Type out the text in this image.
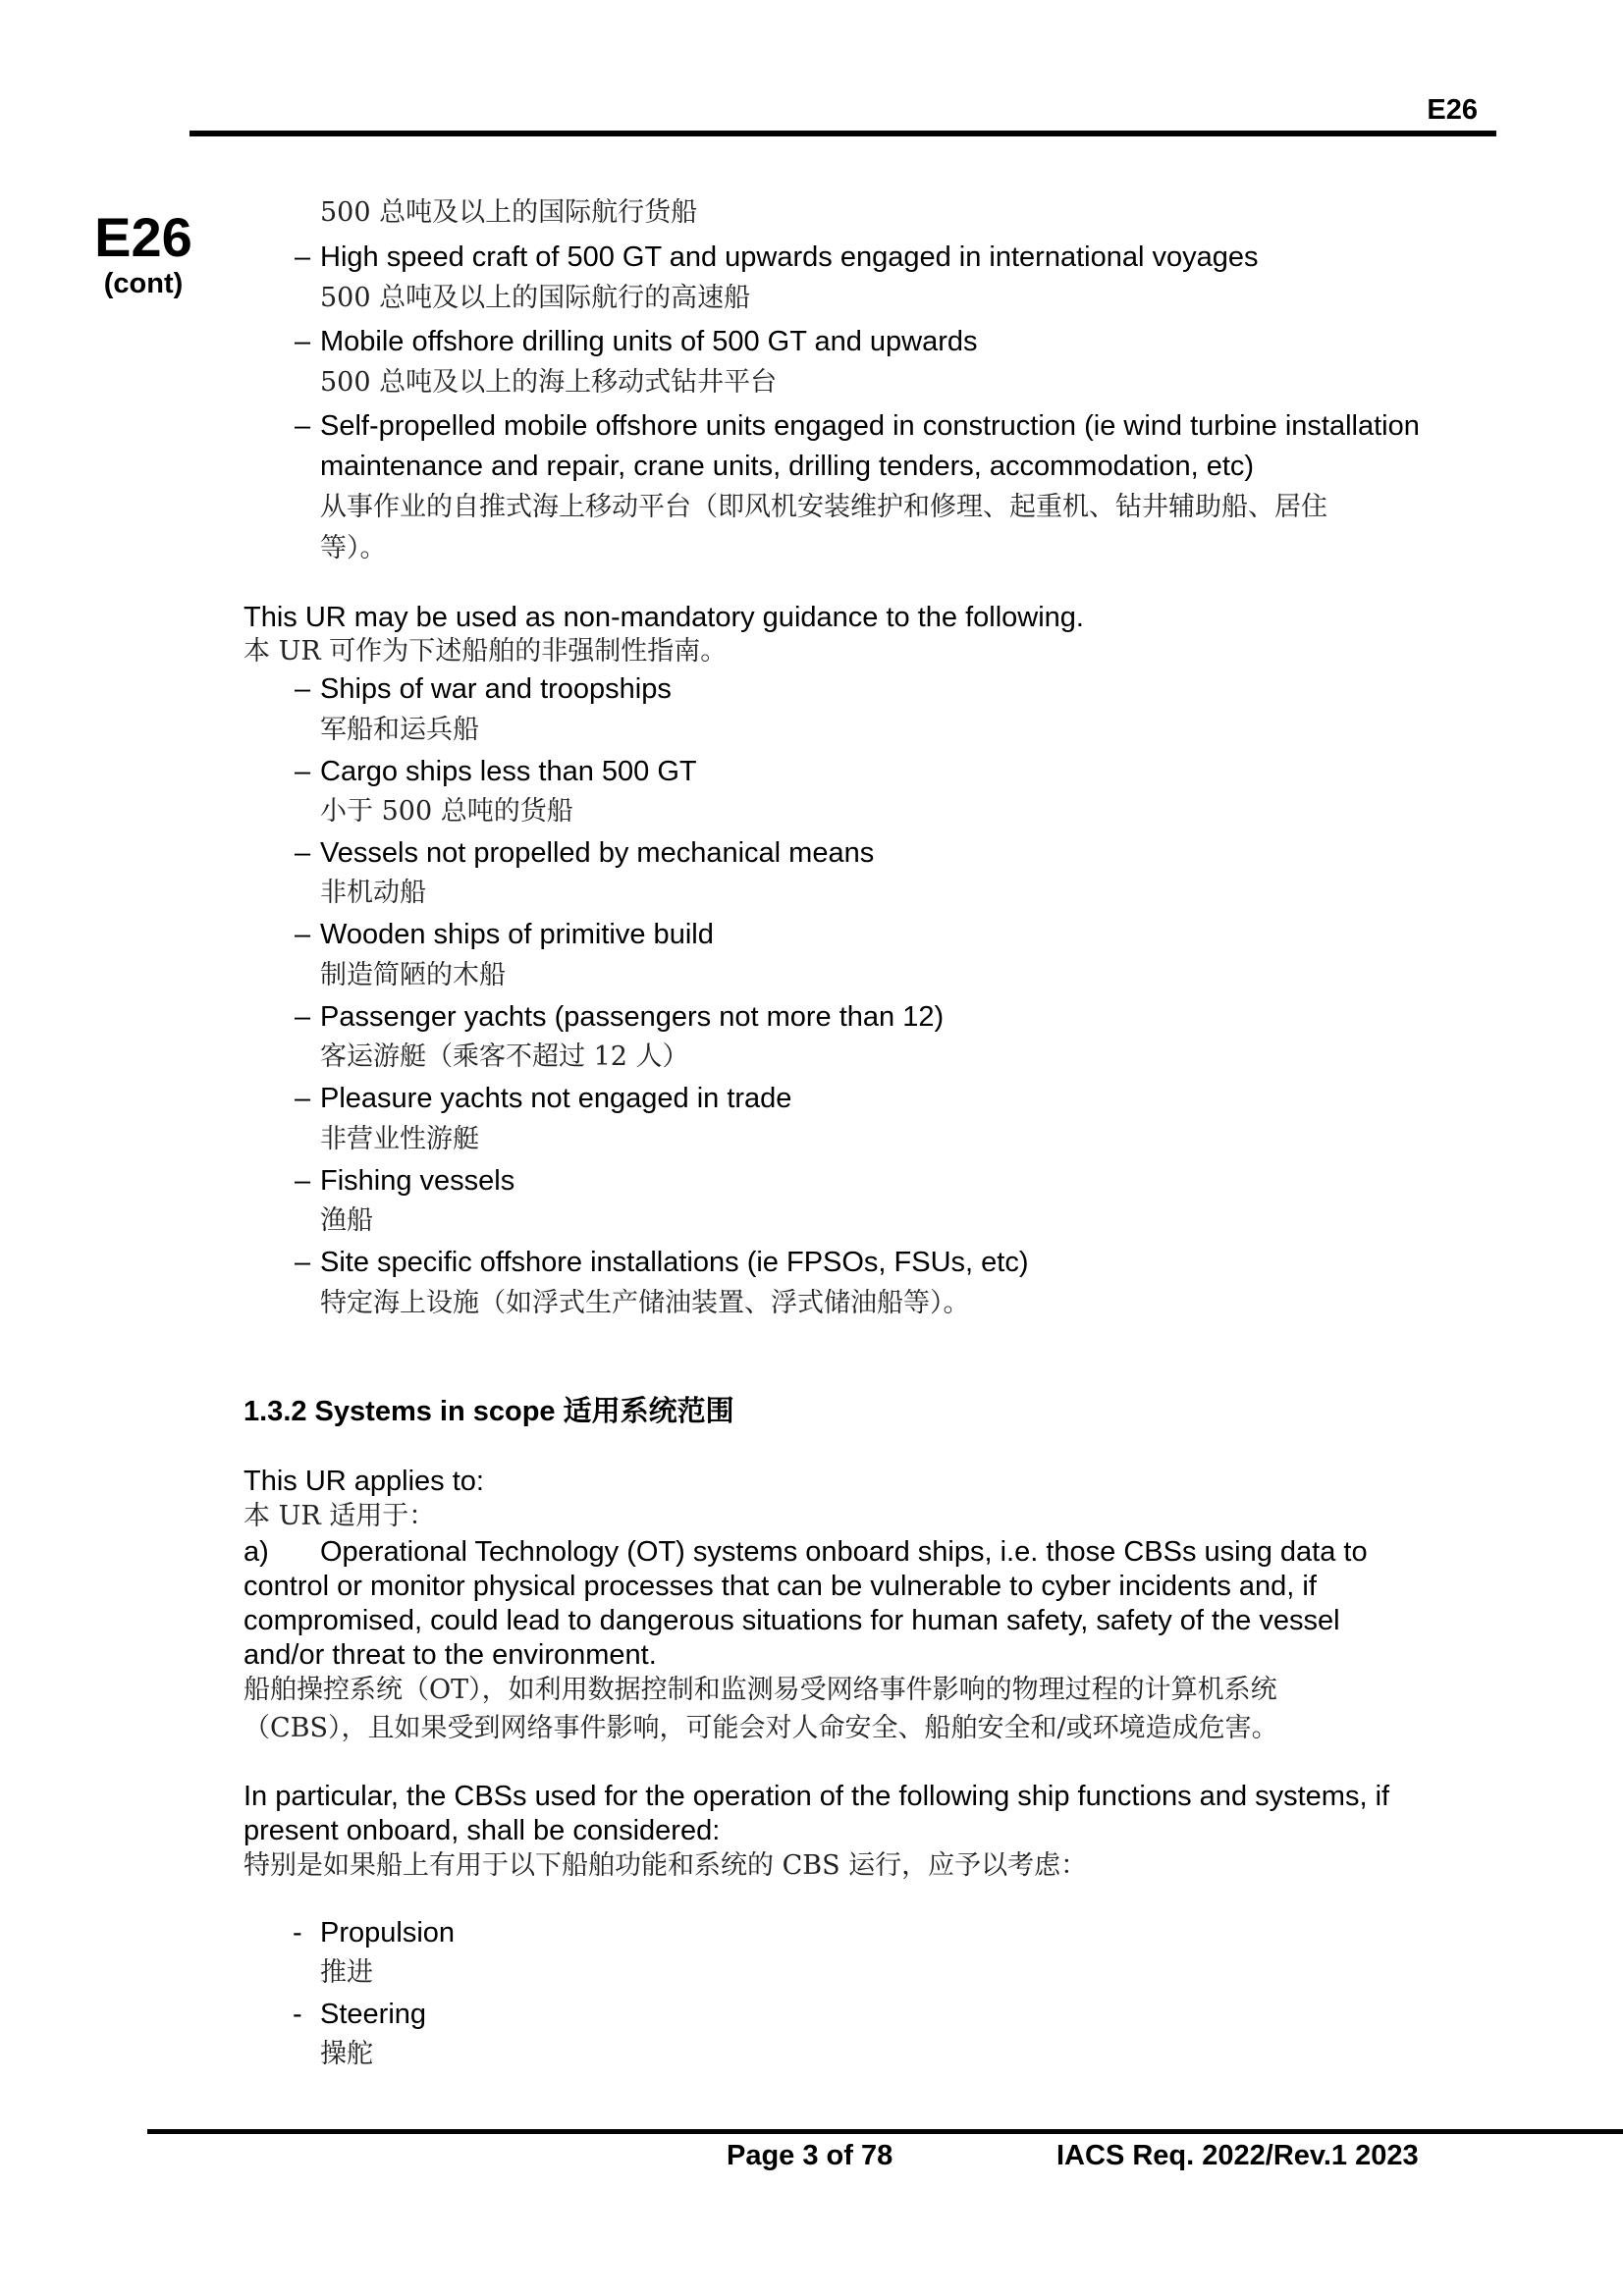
E26
E26
(cont)
500 总吨及以上的国际航行货船
– High speed craft of 500 GT and upwards engaged in international voyages
500 总吨及以上的国际航行的高速船
– Mobile offshore drilling units of 500 GT and upwards
500 总吨及以上的海上移动式钻井平台
– Self-propelled mobile offshore units engaged in construction (ie wind turbine installation
maintenance and repair, crane units, drilling tenders, accommodation, etc)
从事作业的自推式海上移动平台（即风机安装维护和修理、起重机、钻井辅助船、居住
等）。
This UR may be used as non-mandatory guidance to the following.
本 UR 可作为下述船舶的非强制性指南。
– Ships of war and troopships
军船和运兵船
– Cargo ships less than 500 GT
小于 500 总吨的货船
– Vessels not propelled by mechanical means
非机动船
– Wooden ships of primitive build
制造简陋的木船
– Passenger yachts (passengers not more than 12)
客运游艇（乘客不超过 12 人）
– Pleasure yachts not engaged in trade
非营业性游艇
– Fishing vessels
渔船
– Site specific offshore installations (ie FPSOs, FSUs, etc)
特定海上设施（如浮式生产储油装置、浮式储油船等）。
1.3.2 Systems in scope 适用系统范围
This UR applies to:
本 UR 适用于：
a) Operational Technology (OT) systems onboard ships, i.e. those CBSs using data to
control or monitor physical processes that can be vulnerable to cyber incidents and, if
compromised, could lead to dangerous situations for human safety, safety of the vessel
and/or threat to the environment.
船舶操控系统（OT），如利用数据控制和监测易受网络事件影响的物理过程的计算机系统
（CBS），且如果受到网络事件影响，可能会对人命安全、船舶安全和/或环境造成危害。
In particular, the CBSs used for the operation of the following ship functions and systems, if
present onboard, shall be considered:
特别是如果船上有用于以下船舶功能和系统的 CBS 运行，应予以考虑：
- Propulsion
推进
- Steering
操舵
Page 3 of 78	IACS Req. 2022/Rev.1 2023
